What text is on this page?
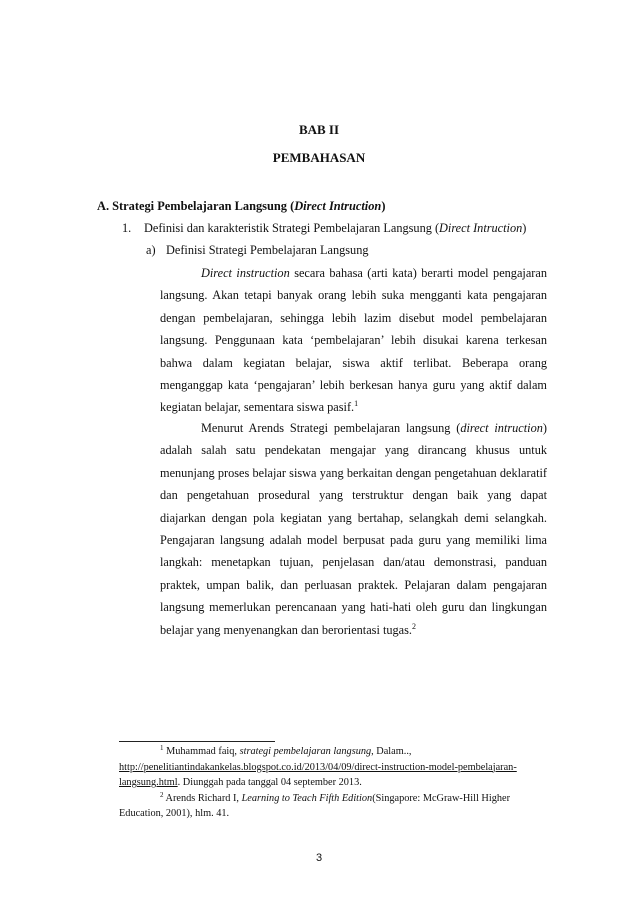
BAB II

PEMBAHASAN

A. Strategi Pembelajaran Langsung (Direct Intruction)

1. Definisi dan karakteristik Strategi Pembelajaran Langsung (Direct Intruction)

a) Definisi Strategi Pembelajaran Langsung

Direct instruction secara bahasa (arti kata) berarti model pengajaran langsung. Akan tetapi banyak orang lebih suka mengganti kata pengajaran dengan pembelajaran, sehingga lebih lazim disebut model pembelajaran langsung. Penggunaan kata ‘pembelajaran’ lebih disukai karena terkesan bahwa dalam kegiatan belajar, siswa aktif terlibat. Beberapa orang menganggap kata ‘pengajaran’ lebih berkesan hanya guru yang aktif dalam kegiatan belajar, sementara siswa pasif.$^1$

Menurut Arends Strategi pembelajaran langsung (direct intruction) adalah salah satu pendekatan mengajar yang dirancang khusus untuk menunjang proses belajar siswa yang berkaitan dengan pengetahuan deklaratif dan pengetahuan prosedural yang terstruktur dengan baik yang dapat diajarkan dengan pola kegiatan yang bertahap, selangkah demi selangkah. Pengajaran langsung adalah model berpusat pada guru yang memiliki lima langkah: menetapkan tujuan, penjelasan dan/atau demonstrasi, panduan praktek, umpan balik, dan perluasan praktek. Pelajaran dalam pengajaran langsung memerlukan perencanaan yang hati-hati oleh guru dan lingkungan belajar yang menyenangkan dan berorientasi tugas.$^2$

$^1$ Muhammad faiq, strategi pembelajaran langsung, Dalam.., http://penelitiantindakankelas.blogspot.co.id/2013/04/09/direct-instruction-model-pembelajaran-langsung.html. Diunggah pada tanggal 04 september 2013.

$^2$ Arends Richard I, Learning to Teach Fifth Edition(Singapore: McGraw-Hill Higher Education, 2001), hlm. 41.

3
